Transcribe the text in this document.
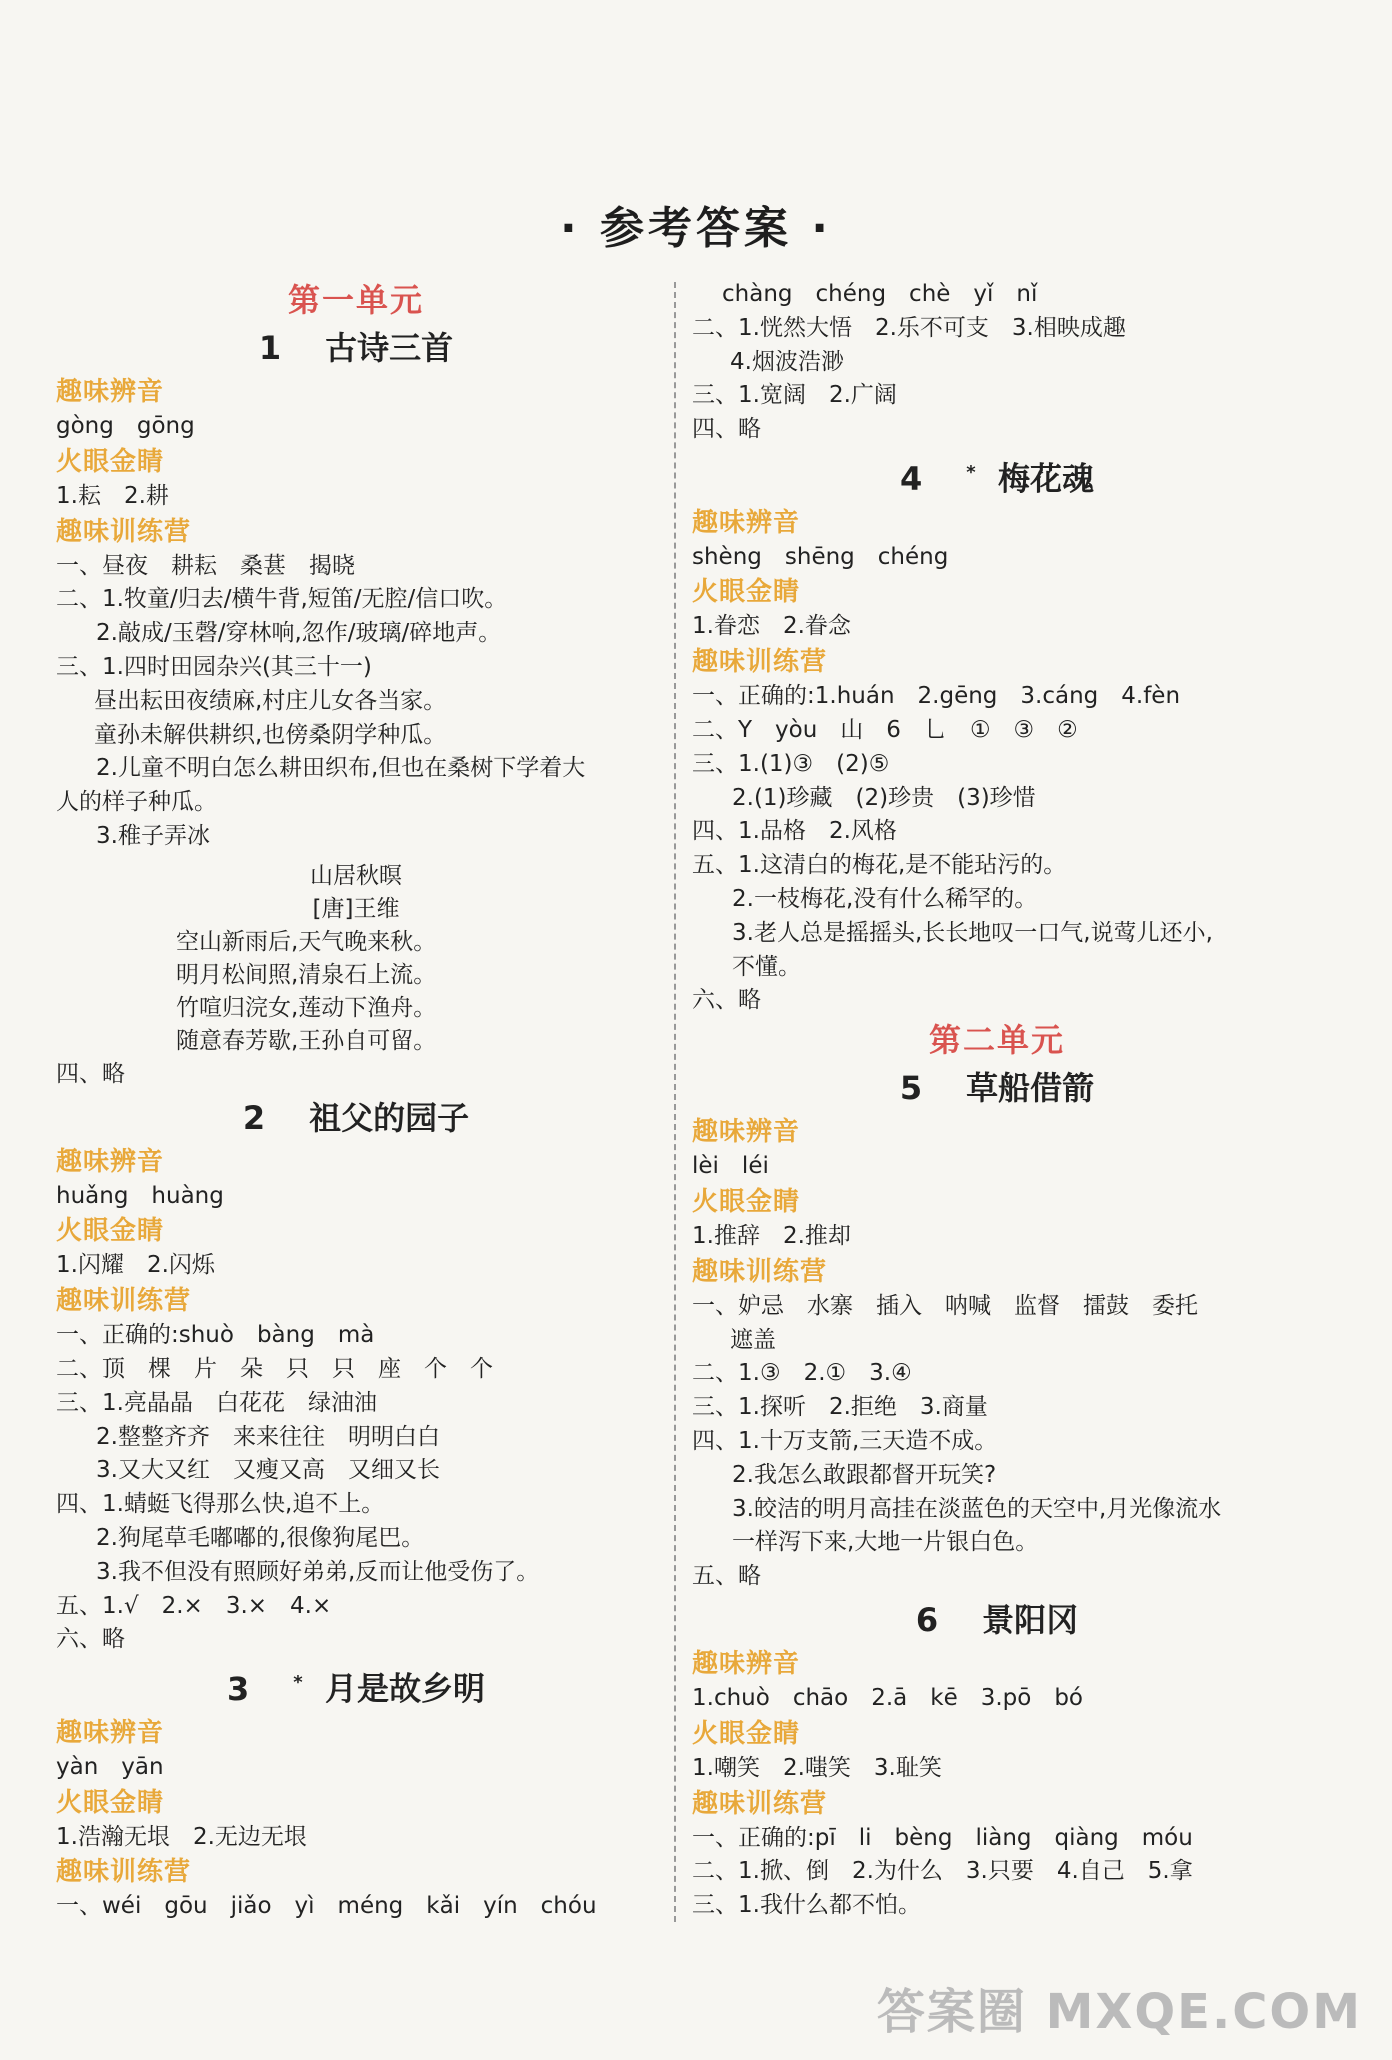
· 参考答案 ·
第一单元
1 古诗三首
趣味辨音
gòng　gōng
火眼金睛
1.耘　2.耕
趣味训练营
一、昼夜　耕耘　桑葚　揭晓
二、1.牧童/归去/横牛背,短笛/无腔/信口吹。
2.敲成/玉磬/穿林响,忽作/玻璃/碎地声。
三、1.四时田园杂兴(其三十一)
昼出耘田夜绩麻,村庄儿女各当家。
童孙未解供耕织,也傍桑阴学种瓜。
2.儿童不明白怎么耕田织布,但也在桑树下学着大
人的样子种瓜。
3.稚子弄冰
山居秋暝
[唐]王维
空山新雨后,天气晚来秋。
明月松间照,清泉石上流。
竹喧归浣女,莲动下渔舟。
随意春芳歇,王孙自可留。
四、略
2 祖父的园子
趣味辨音
huǎng　huàng
火眼金睛
1.闪耀　2.闪烁
趣味训练营
一、正确的:shuò　bàng　mà
二、顶　棵　片　朵　只　只　座　个　个
三、1.亮晶晶　白花花　绿油油
2.整整齐齐　来来往往　明明白白
3.又大又红　又瘦又高　又细又长
四、1.蜻蜓飞得那么快,追不上。
2.狗尾草毛嘟嘟的,很像狗尾巴。
3.我不但没有照顾好弟弟,反而让他受伤了。
五、1.√　2.×　3.×　4.×
六、略
3 * 月是故乡明
趣味辨音
yàn　yān
火眼金睛
1.浩瀚无垠　2.无边无垠
趣味训练营
一、wéi　gōu　jiǎo　yì　méng　kǎi　yín　chóu
chàng　chéng　chè　yǐ　nǐ
二、1.恍然大悟　2.乐不可支　3.相映成趣
4.烟波浩渺
三、1.宽阔　2.广阔
四、略
4 * 梅花魂
趣味辨音
shèng　shēng　chéng
火眼金睛
1.眷恋　2.眷念
趣味训练营
一、正确的:1.huán　2.gēng　3.cáng　4.fèn
二、Y　yòu　山　6　乚　①　③　②
三、1.(1)③　(2)⑤
2.(1)珍藏　(2)珍贵　(3)珍惜
四、1.品格　2.风格
五、1.这清白的梅花,是不能玷污的。
2.一枝梅花,没有什么稀罕的。
3.老人总是摇摇头,长长地叹一口气,说莺儿还小,
不懂。
六、略
第二单元
5 草船借箭
趣味辨音
lèi　léi
火眼金睛
1.推辞　2.推却
趣味训练营
一、妒忌　水寨　插入　呐喊　监督　擂鼓　委托
遮盖
二、1.③　2.①　3.④
三、1.探听　2.拒绝　3.商量
四、1.十万支箭,三天造不成。
2.我怎么敢跟都督开玩笑?
3.皎洁的明月高挂在淡蓝色的天空中,月光像流水
一样泻下来,大地一片银白色。
五、略
6 景阳冈
趣味辨音
1.chuò　chāo　2.ā　kē　3.pō　bó
火眼金睛
1.嘲笑　2.嗤笑　3.耻笑
趣味训练营
一、正确的:pī　li　bèng　liàng　qiàng　móu
二、1.掀、倒　2.为什么　3.只要　4.自己　5.拿
三、1.我什么都不怕。
答案圈 MXQE.COM
